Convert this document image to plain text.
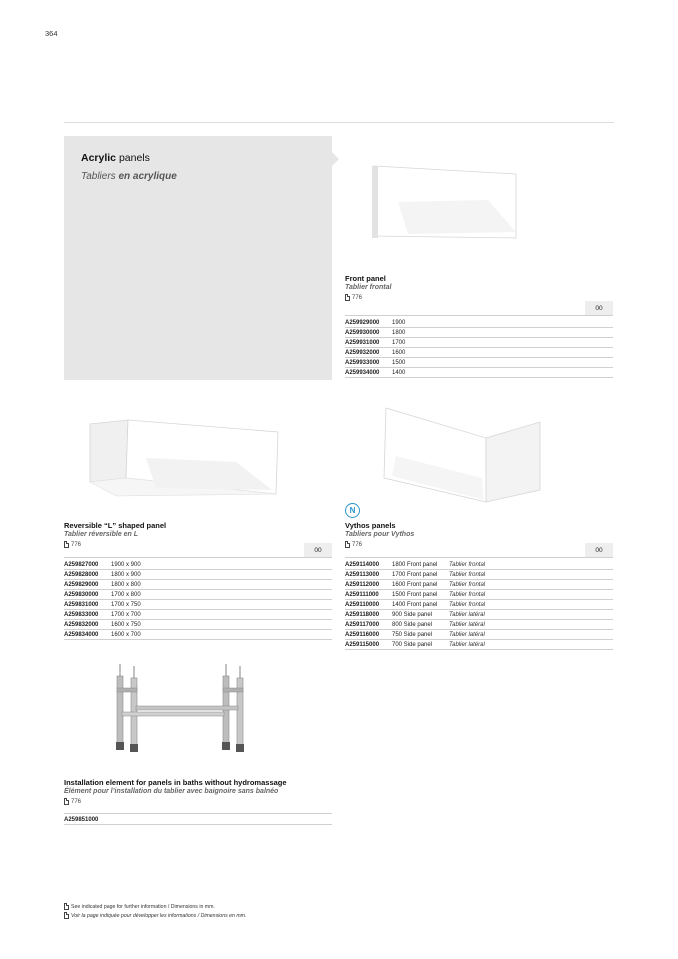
364
Acrylic panels
Tabliers en acrylique
Front panel
Tablier frontal
776
00
A259929000	1900
A259930000	1800
A259931000	1700
A259932000	1600
A259933000	1500
A259934000	1400
N
Reversible “L” shaped panel
Tablier réversible en L
776
00
A259827000	1900 x 900
A259828000	1800 x 900
A259829000	1800 x 800
A259830000	1700 x 800
A259831000	1700 x 750
A259833000	1700 x 700
A259832000	1600 x 750
A259834000	1600 x 700
Vythos panels
Tabliers pour Vythos
776
00
A259114000	1800 Front panel	Tablier frontal
A259113000	1700 Front panel	Tablier frontal
A259112000	1600 Front panel	Tablier frontal
A259111000	1500 Front panel	Tablier frontal
A259110000	1400 Front panel	Tablier frontal
A259118000	900 Side panel	Tablier latéral
A259117000	800 Side panel	Tablier latéral
A259116000	750 Side panel	Tablier latéral
A259115000	700 Side panel	Tablier latéral
Installation element for panels in baths without hydromassage
Élément pour l’installation du tablier avec baignoire sans balnéo
776
A259851000
See indicated page for further information / Dimensions in mm.
Voir la page indiquée pour développer les informations / Dimensions en mm.
